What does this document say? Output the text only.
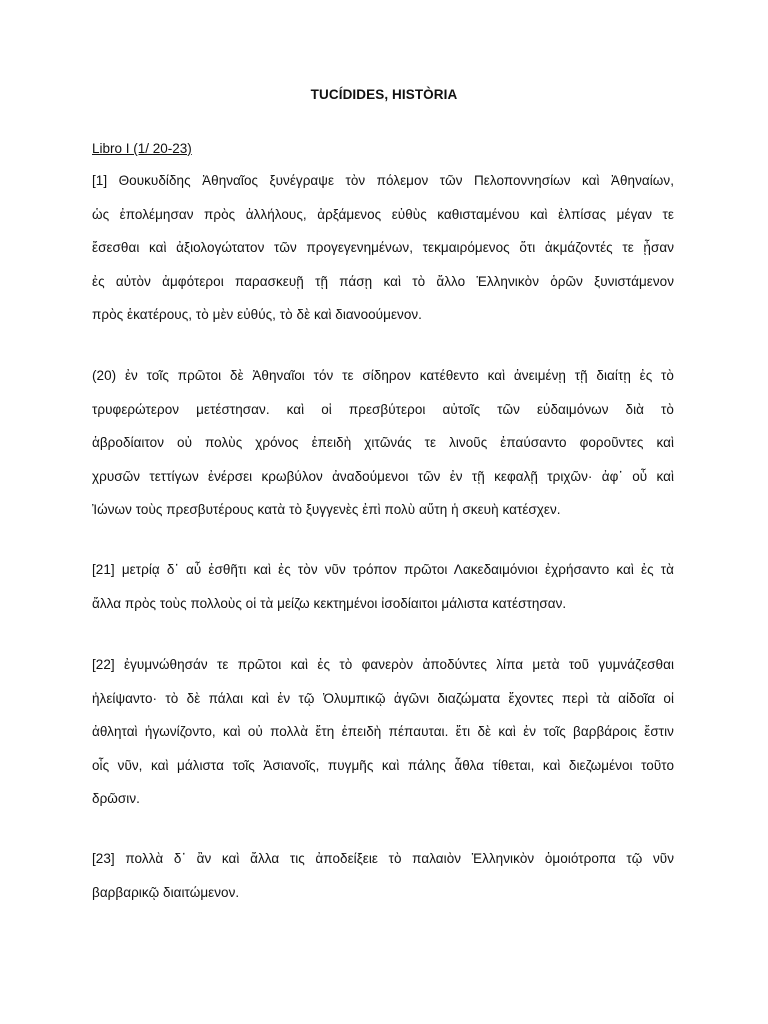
TUCÍDIDES, HISTÒRIA
Libro I (1/ 20-23)
[1] Θουκυδίδης Ἀθηναῖος ξυνέγραψε τὸν πόλεμον τῶν Πελοποννησίων καὶ Ἀθηναίων,
ὡς ἐπολέμησαν πρὸς ἀλλήλους, ἀρξάμενος εὐθὺς καθισταμένου καὶ ἐλπίσας μέγαν τε
ἔσεσθαι καὶ ἀξιολογώτατον τῶν προγεγενημένων, τεκμαιρόμενος ὅτι ἀκμάζοντές τε ᾖσαν
ἐς αὐτὸν ἀμφότεροι παρασκευῇ τῇ πάσῃ καὶ τὸ ἄλλο Ἑλληνικὸν ὁρῶν ξυνιστάμενον
πρὸς ἑκατέρους, τὸ μὲν εὐθύς, τὸ δὲ καὶ διανοούμενον.
(20) ἐν τοῖς πρῶτοι δὲ Ἀθηναῖοι τόν τε σίδηρον κατέθεντο καὶ ἀνειμένῃ τῇ διαίτῃ ἐς τὸ
τρυφερώτερον μετέστησαν. καὶ οἱ πρεσβύτεροι αὐτοῖς τῶν εὐδαιμόνων διὰ τὸ
ἁβροδίαιτον οὐ πολὺς χρόνος ἐπειδὴ χιτῶνάς τε λινοῦς ἐπαύσαντο φοροῦντες καὶ
χρυσῶν τεττίγων ἐνέρσει κρωβύλον ἀναδούμενοι τῶν ἐν τῇ κεφαλῇ τριχῶν· ἀφ᾽ οὗ καὶ
Ἰώνων τοὺς πρεσβυτέρους κατὰ τὸ ξυγγενὲς ἐπὶ πολὺ αὕτη ἡ σκευὴ κατέσχεν.
[21] μετρίᾳ δ᾽ αὖ ἐσθῆτι καὶ ἐς τὸν νῦν τρόπον πρῶτοι Λακεδαιμόνιοι ἐχρήσαντο καὶ ἐς τὰ
ἄλλα πρὸς τοὺς πολλοὺς οἱ τὰ μείζω κεκτημένοι ἰσοδίαιτοι μάλιστα κατέστησαν.
[22] ἐγυμνώθησάν τε πρῶτοι καὶ ἐς τὸ φανερὸν ἀποδύντες λίπα μετὰ τοῦ γυμνάζεσθαι
ἠλείψαντο· τὸ δὲ πάλαι καὶ ἐν τῷ Ὀλυμπικῷ ἀγῶνι διαζώματα ἔχοντες περὶ τὰ αἰδοῖα οἱ
ἀθληταὶ ἠγωνίζοντο, καὶ οὐ πολλὰ ἔτη ἐπειδὴ πέπαυται. ἔτι δὲ καὶ ἐν τοῖς βαρβάροις ἔστιν
οἷς νῦν, καὶ μάλιστα τοῖς Ἀσιανοῖς, πυγμῆς καὶ πάλης ἆθλα τίθεται, καὶ διεζωμένοι τοῦτο
δρῶσιν.
[23] πολλὰ δ᾽ ἂν καὶ ἄλλα τις ἀποδείξειε τὸ παλαιὸν Ἑλληνικὸν ὁμοιότροπα τῷ νῦν
βαρβαρικῷ διαιτώμενον.
